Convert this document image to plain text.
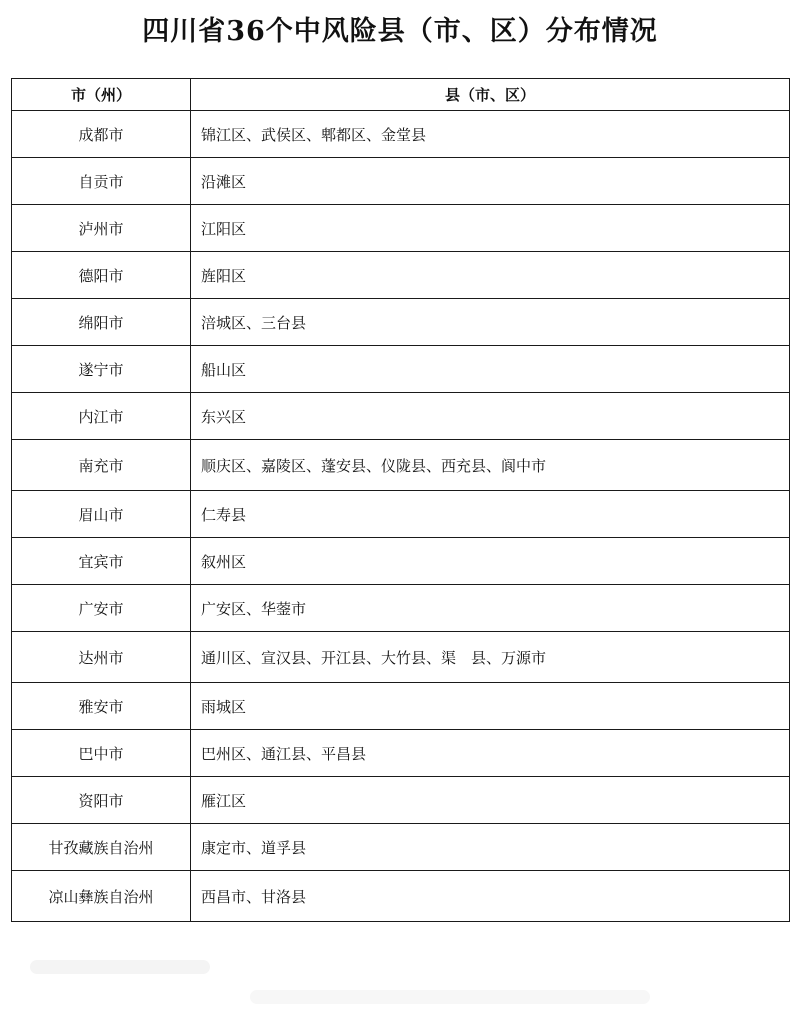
四川省36个中风险县（市、区）分布情况
市（州）	县（市、区）
成都市	锦江区、武侯区、郫都区、金堂县
自贡市	沿滩区
泸州市	江阳区
德阳市	旌阳区
绵阳市	涪城区、三台县
遂宁市	船山区
内江市	东兴区
南充市	顺庆区、嘉陵区、蓬安县、仪陇县、西充县、阆中市
眉山市	仁寿县
宜宾市	叙州区
广安市	广安区、华蓥市
达州市	通川区、宣汉县、开江县、大竹县、渠　县、万源市
雅安市	雨城区
巴中市	巴州区、通江县、平昌县
资阳市	雁江区
甘孜藏族自治州	康定市、道孚县
凉山彝族自治州	西昌市、甘洛县
